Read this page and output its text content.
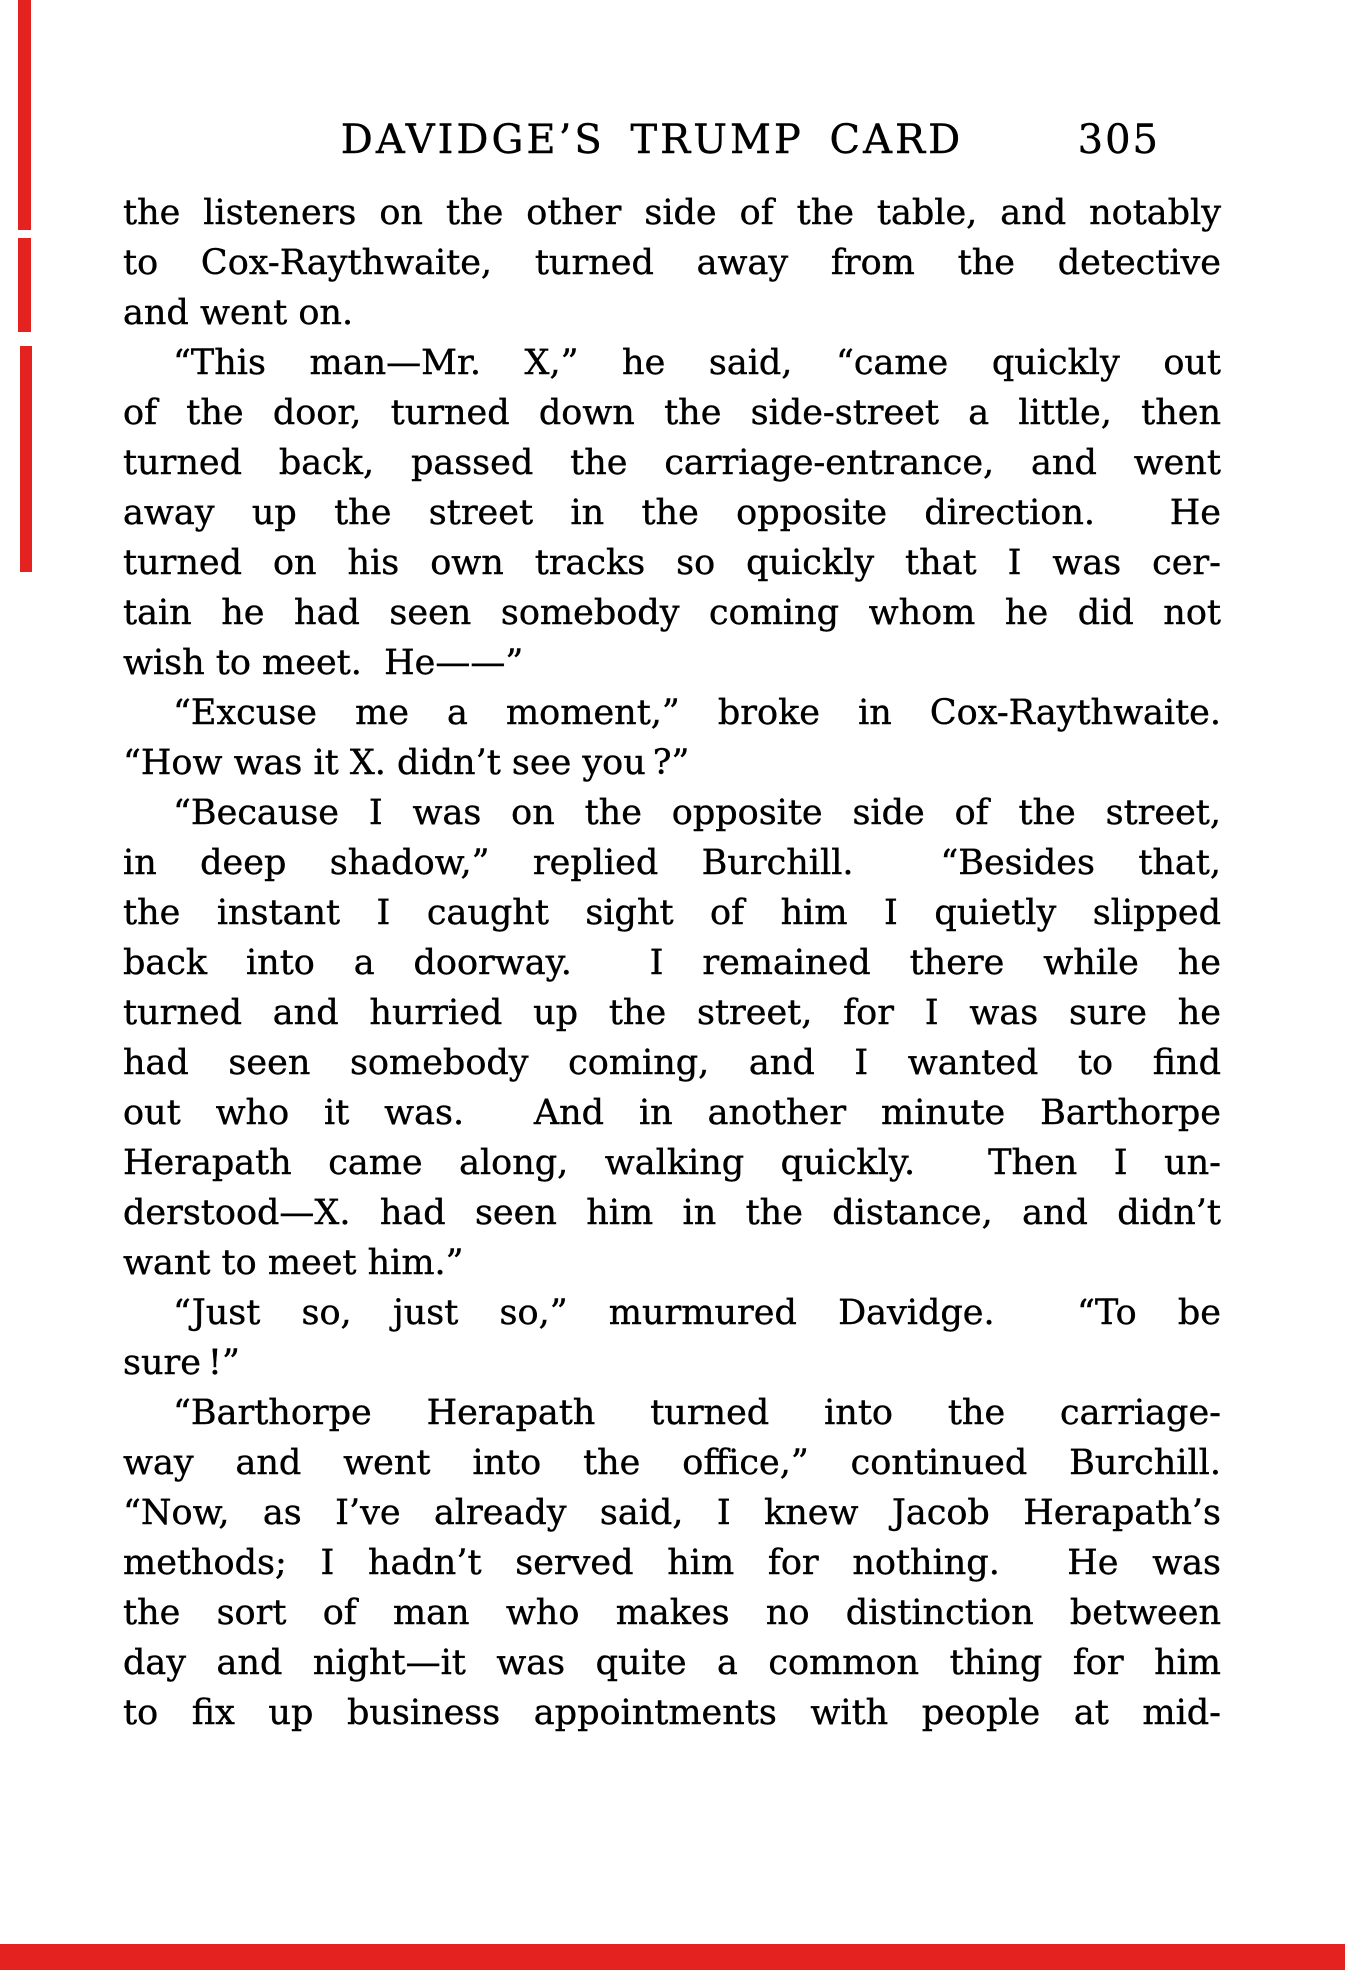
DAVIDGE’S TRUMP CARD	305
the listeners on the other side of the table, and notably
to Cox-Raythwaite, turned away from the detective
and went on.
“This man—Mr. X,” he said, “came quickly out
of the door, turned down the side-street a little, then
turned back, passed the carriage-entrance, and went
away up the street in the opposite direction.  He
turned on his own tracks so quickly that I was cer-
tain he had seen somebody coming whom he did not
wish to meet.  He——”
“Excuse me a moment,” broke in Cox-Raythwaite.
“How was it X. didn’t see you ?”
“Because I was on the opposite side of the street,
in deep shadow,” replied Burchill.  “Besides that,
the instant I caught sight of him I quietly slipped
back into a doorway.  I remained there while he
turned and hurried up the street, for I was sure he
had seen somebody coming, and I wanted to find
out who it was.  And in another minute Barthorpe
Herapath came along, walking quickly.  Then I un-
derstood—X. had seen him in the distance, and didn’t
want to meet him.”
“Just so, just so,” murmured Davidge.  “To be
sure !”
“Barthorpe Herapath turned into the carriage-
way and went into the office,” continued Burchill.
“Now, as I’ve already said, I knew Jacob Herapath’s
methods; I hadn’t served him for nothing.  He was
the sort of man who makes no distinction between
day and night—it was quite a common thing for him
to fix up business appointments with people at mid-
